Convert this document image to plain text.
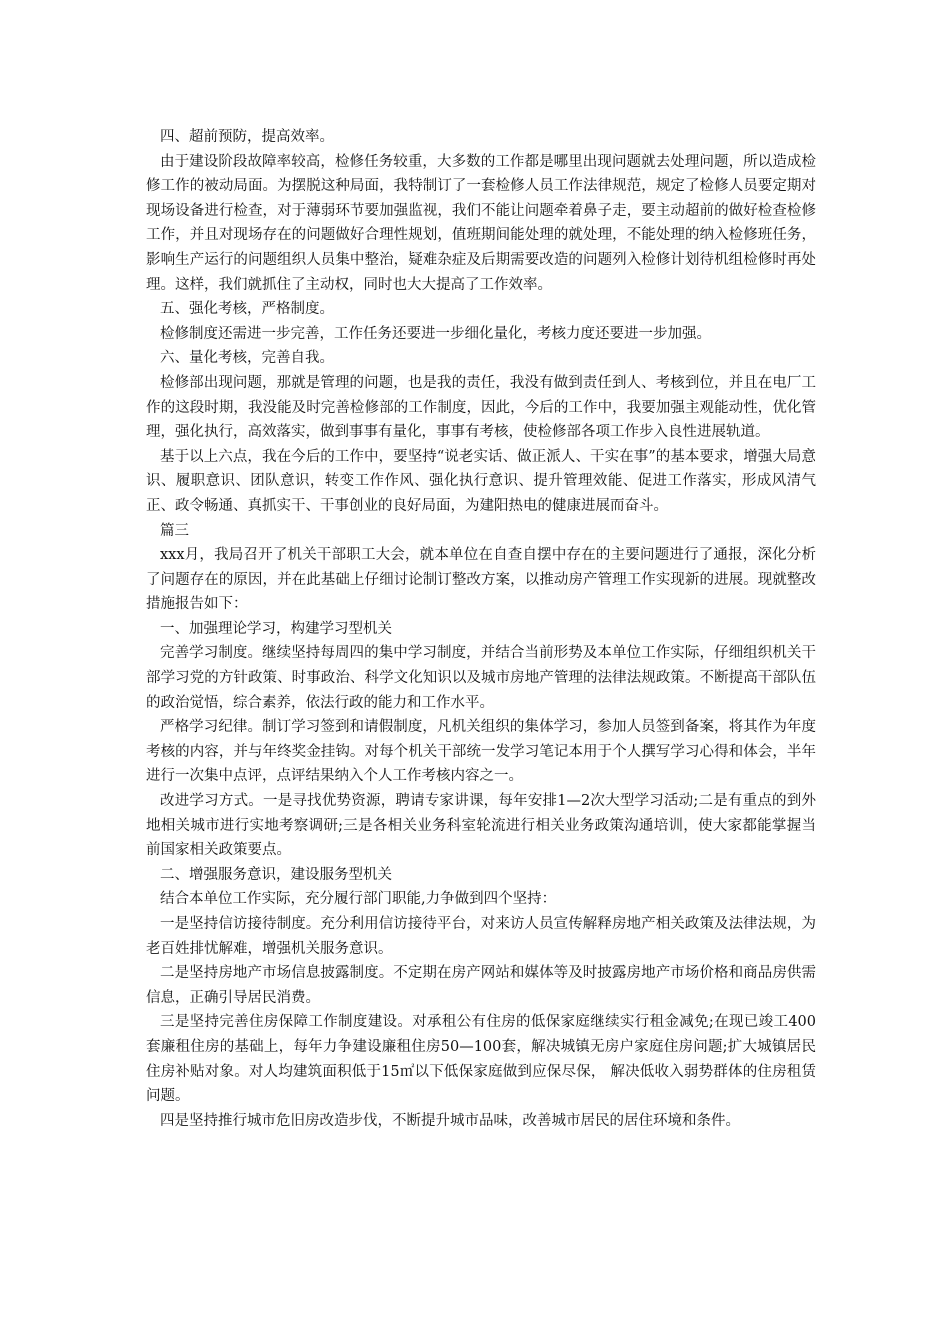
四、超前预防，提高效率。

由于建设阶段故障率较高，检修任务较重，大多数的工作都是哪里出现问题就去处理问题，所以造成检修工作的被动局面。为摆脱这种局面，我特制订了一套检修人员工作法律规范，规定了检修人员要定期对现场设备进行检查，对于薄弱环节要加强监视，我们不能让问题牵着鼻子走，要主动超前的做好检查检修工作，并且对现场存在的问题做好合理性规划，值班期间能处理的就处理，不能处理的纳入检修班任务，影响生产运行的问题组织人员集中整治，疑难杂症及后期需要改造的问题列入检修计划待机组检修时再处理。这样，我们就抓住了主动权，同时也大大提高了工作效率。

五、强化考核，严格制度。

检修制度还需进一步完善，工作任务还要进一步细化量化，考核力度还要进一步加强。

六、量化考核，完善自我。

检修部出现问题，那就是管理的问题，也是我的责任，我没有做到责任到人、考核到位，并且在电厂工作的这段时期，我没能及时完善检修部的工作制度，因此，今后的工作中，我要加强主观能动性，优化管理，强化执行，高效落实，做到事事有量化，事事有考核，使检修部各项工作步入良性进展轨道。

基于以上六点，我在今后的工作中，要坚持“说老实话、做正派人、干实在事”的基本要求，增强大局意识、履职意识、团队意识，转变工作作风、强化执行意识、提升管理效能、促进工作落实，形成风清气正、政令畅通、真抓实干、干事创业的良好局面，为建阳热电的健康进展而奋斗。

篇三

xxx月，我局召开了机关干部职工大会，就本单位在自查自摆中存在的主要问题进行了通报，深化分析了问题存在的原因，并在此基础上仔细讨论制订整改方案，以推动房产管理工作实现新的进展。现就整改措施报告如下：

一、加强理论学习，构建学习型机关

完善学习制度。继续坚持每周四的集中学习制度，并结合当前形势及本单位工作实际，仔细组织机关干部学习党的方针政策、时事政治、科学文化知识以及城市房地产管理的法律法规政策。不断提高干部队伍的政治觉悟，综合素养，依法行政的能力和工作水平。

严格学习纪律。制订学习签到和请假制度，凡机关组织的集体学习，参加人员签到备案，将其作为年度考核的内容，并与年终奖金挂钩。对每个机关干部统一发学习笔记本用于个人撰写学习心得和体会，半年进行一次集中点评，点评结果纳入个人工作考核内容之一。

改进学习方式。一是寻找优势资源，聘请专家讲课，每年安排1—2次大型学习活动;二是有重点的到外地相关城市进行实地考察调研;三是各相关业务科室轮流进行相关业务政策沟通培训，使大家都能掌握当前国家相关政策要点。

二、增强服务意识，建设服务型机关

结合本单位工作实际，充分履行部门职能,力争做到四个坚持：

一是坚持信访接待制度。充分利用信访接待平台，对来访人员宣传解释房地产相关政策及法律法规，为老百姓排忧解难，增强机关服务意识。

二是坚持房地产市场信息披露制度。不定期在房产网站和媒体等及时披露房地产市场价格和商品房供需信息，正确引导居民消费。

三是坚持完善住房保障工作制度建设。对承租公有住房的低保家庭继续实行租金减免;在现已竣工400套廉租住房的基础上，每年力争建设廉租住房50—100套，解决城镇无房户家庭住房问题;扩大城镇居民住房补贴对象。对人均建筑面积低于15㎡以下低保家庭做到应保尽保， 解决低收入弱势群体的住房租赁问题。

四是坚持推行城市危旧房改造步伐，不断提升城市品味，改善城市居民的居住环境和条件。
